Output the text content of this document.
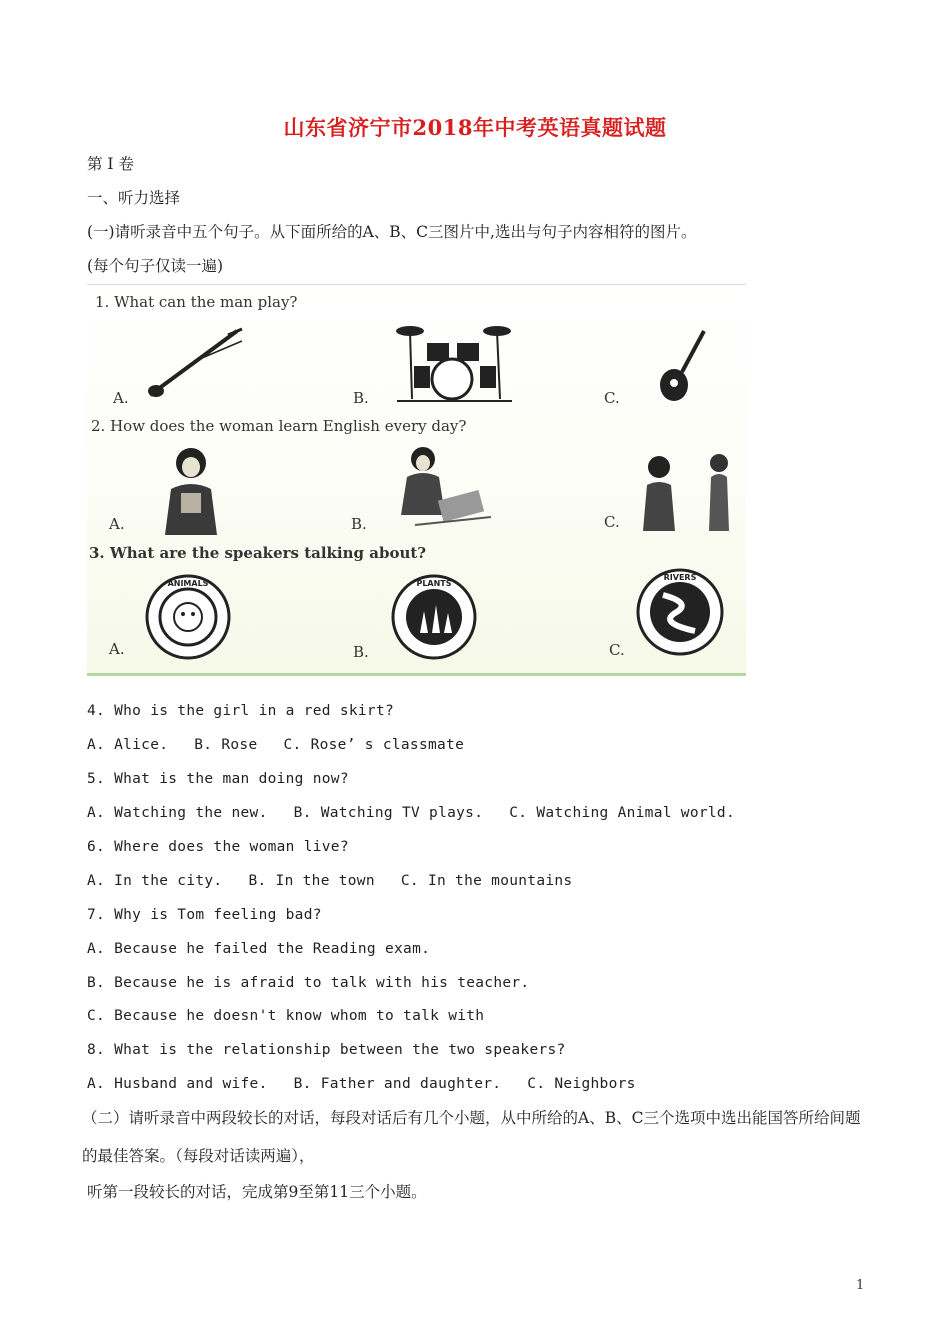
山东省济宁市2018年中考英语真题试题
第 I 卷
一、听力选择
(一)请听录音中五个句子。从下面所给的A、B、C三图片中,选出与句子内容相符的图片。
(每个句子仅读一遍)
1. What can the man play?
A.	B.	C.
2. How does the woman learn English every day?
A.	B.	C.
3. What are the speakers talking about?
ANIMALS
A.
PLANTS
B.
RIVERS
C.
4. Who is the girl in a red skirt?
A. Alice. B. Rose C. Rose’ s classmate
5. What is the man doing now?
A. Watching the new. B. Watching TV plays. C. Watching Animal world.
6. Where does the woman live?
A. In the city. B. In the town C. In the mountains
7. Why is Tom feeling bad?
A. Because he failed the Reading exam.
B. Because he is afraid to talk with his teacher.
C. Because he doesn't know whom to talk with
8. What is the relationship between the two speakers?
A. Husband and wife. B. Father and daughter. C. Neighbors
（二）请听录音中两段较长的对话，每段对话后有几个小题，从中所给的A、B、C三个选项中选出能国答所给间题的最佳答案。（每段对话读两遍），
听第一段较长的对话，完成第9至第11三个小题。
1
